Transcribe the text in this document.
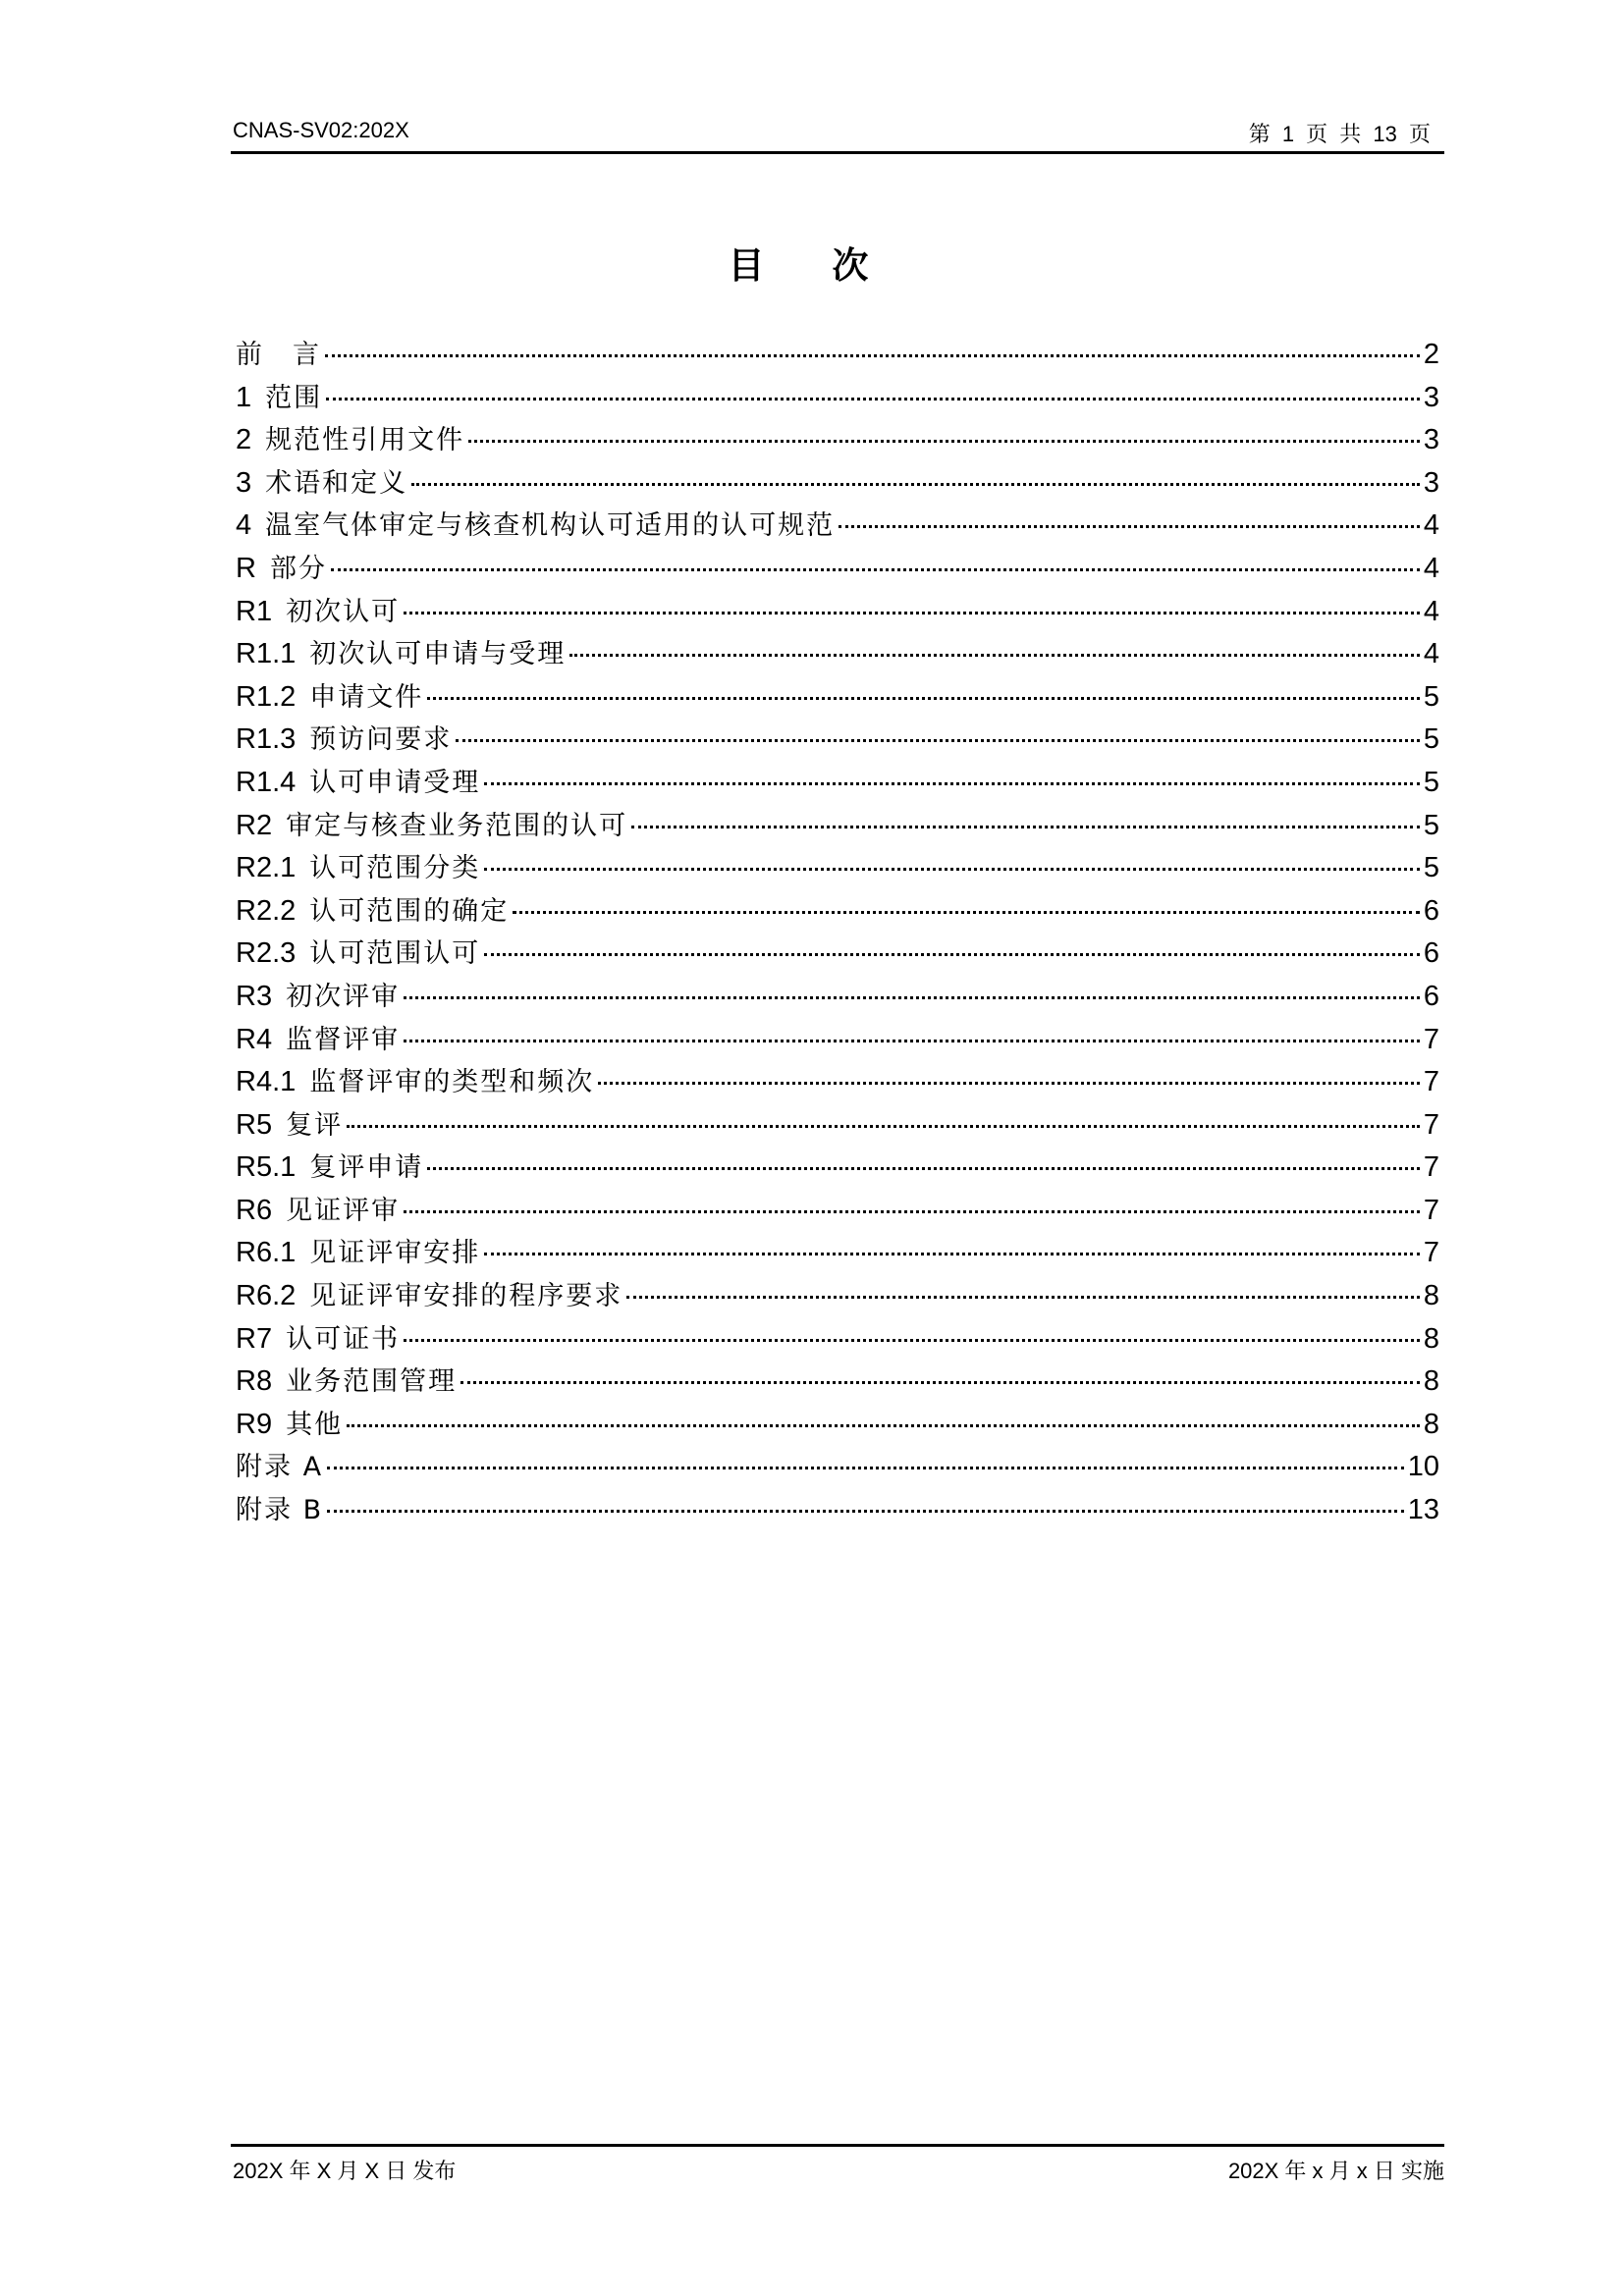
CNAS-SV02:202X	第 1 页 共 13 页
目 次
前　言	2
1 范围	3
2 规范性引用文件	3
3 术语和定义	3
4 温室气体审定与核查机构认可适用的认可规范	4
R 部分	4
R1 初次认可	4
R1.1 初次认可申请与受理	4
R1.2 申请文件	5
R1.3 预访问要求	5
R1.4 认可申请受理	5
R2 审定与核查业务范围的认可	5
R2.1 认可范围分类	5
R2.2 认可范围的确定	6
R2.3 认可范围认可	6
R3 初次评审	6
R4 监督评审	7
R4.1 监督评审的类型和频次	7
R5 复评	7
R5.1 复评申请	7
R6 见证评审	7
R6.1 见证评审安排	7
R6.2 见证评审安排的程序要求	8
R7 认可证书	8
R8 业务范围管理	8
R9 其他	8
附录 A	10
附录 B	13
202X 年 X 月 X 日 发布	202X 年 x 月 x 日 实施
